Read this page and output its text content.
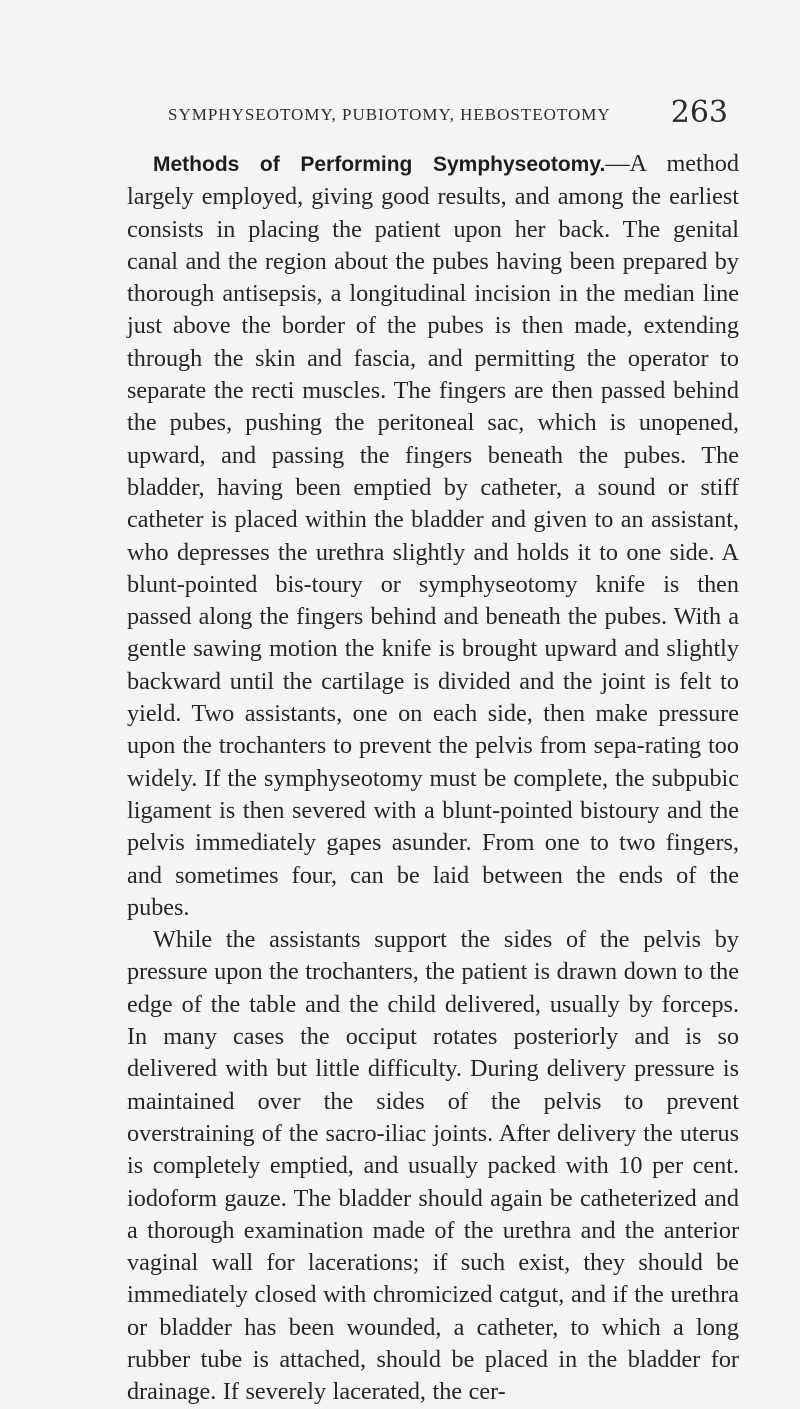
SYMPHYSEOTOMY, PUBIOTOMY, HEBOSTEOTOMY 263

Methods of Performing Symphyseotomy.—A method largely employed, giving good results, and among the earliest consists in placing the patient upon her back. The genital canal and the region about the pubes having been prepared by thorough antisepsis, a longitudinal incision in the median line just above the border of the pubes is then made, extending through the skin and fascia, and permitting the operator to separate the recti muscles. The fingers are then passed behind the pubes, pushing the peritoneal sac, which is unopened, upward, and passing the fingers beneath the pubes. The bladder, having been emptied by catheter, a sound or stiff catheter is placed within the bladder and given to an assistant, who depresses the urethra slightly and holds it to one side. A blunt-pointed bis-toury or symphyseotomy knife is then passed along the fingers behind and beneath the pubes. With a gentle sawing motion the knife is brought upward and slightly backward until the cartilage is divided and the joint is felt to yield. Two assistants, one on each side, then make pressure upon the trochanters to prevent the pelvis from sepa-rating too widely. If the symphyseotomy must be complete, the subpubic ligament is then severed with a blunt-pointed bistoury and the pelvis immediately gapes asunder. From one to two fingers, and sometimes four, can be laid between the ends of the pubes.
While the assistants support the sides of the pelvis by pressure upon the trochanters, the patient is drawn down to the edge of the table and the child delivered, usually by forceps. In many cases the occiput rotates posteriorly and is so delivered with but little difficulty. During delivery pressure is maintained over the sides of the pelvis to prevent overstraining of the sacro-iliac joints. After delivery the uterus is completely emptied, and usually packed with 10 per cent. iodoform gauze. The bladder should again be catheterized and a thorough examination made of the urethra and the anterior vaginal wall for lacerations; if such exist, they should be immediately closed with chromicized catgut, and if the urethra or bladder has been wounded, a catheter, to which a long rubber tube is attached, should be placed in the bladder for drainage. If severely lacerated, the cer-
